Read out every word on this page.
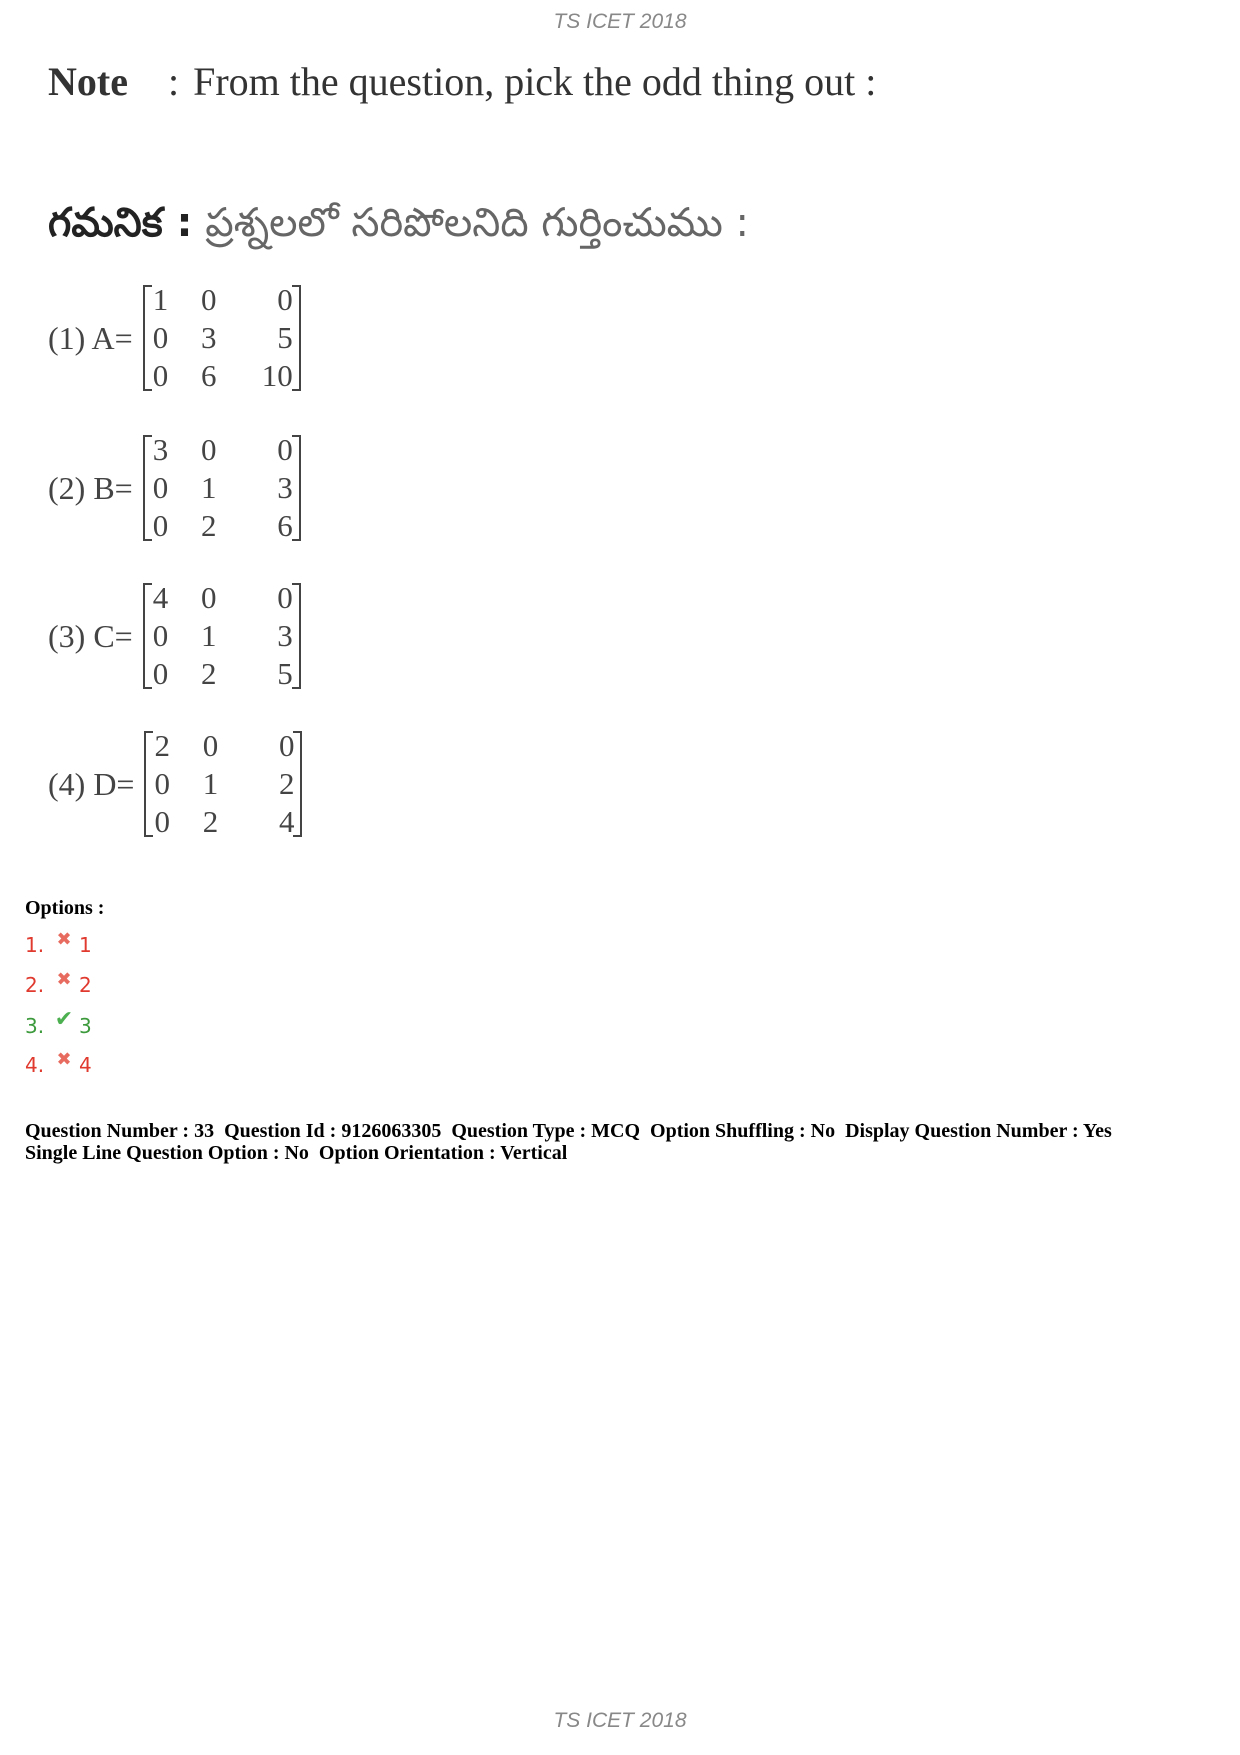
TS ICET 2018
Note : From the question, pick the odd thing out :
గమనిక : ప్రశ్నలలో సరిపోలనిది గుర్తించుము :
(1) A=
1	0	0
0	3	5
0	6	10
(2) B=
3	0	0
0	1	3
0	2	6
(3) C=
4	0	0
0	1	3
0	2	5
(4) D=
2	0	0
0	1	2
0	2	4
Options :
1. ✖ 1
2. ✖ 2
3. ✔ 3
4. ✖ 4
Question Number : 33  Question Id : 9126063305  Question Type : MCQ  Option Shuffling : No  Display Question Number : Yes
Single Line Question Option : No  Option Orientation : Vertical
TS ICET 2018
